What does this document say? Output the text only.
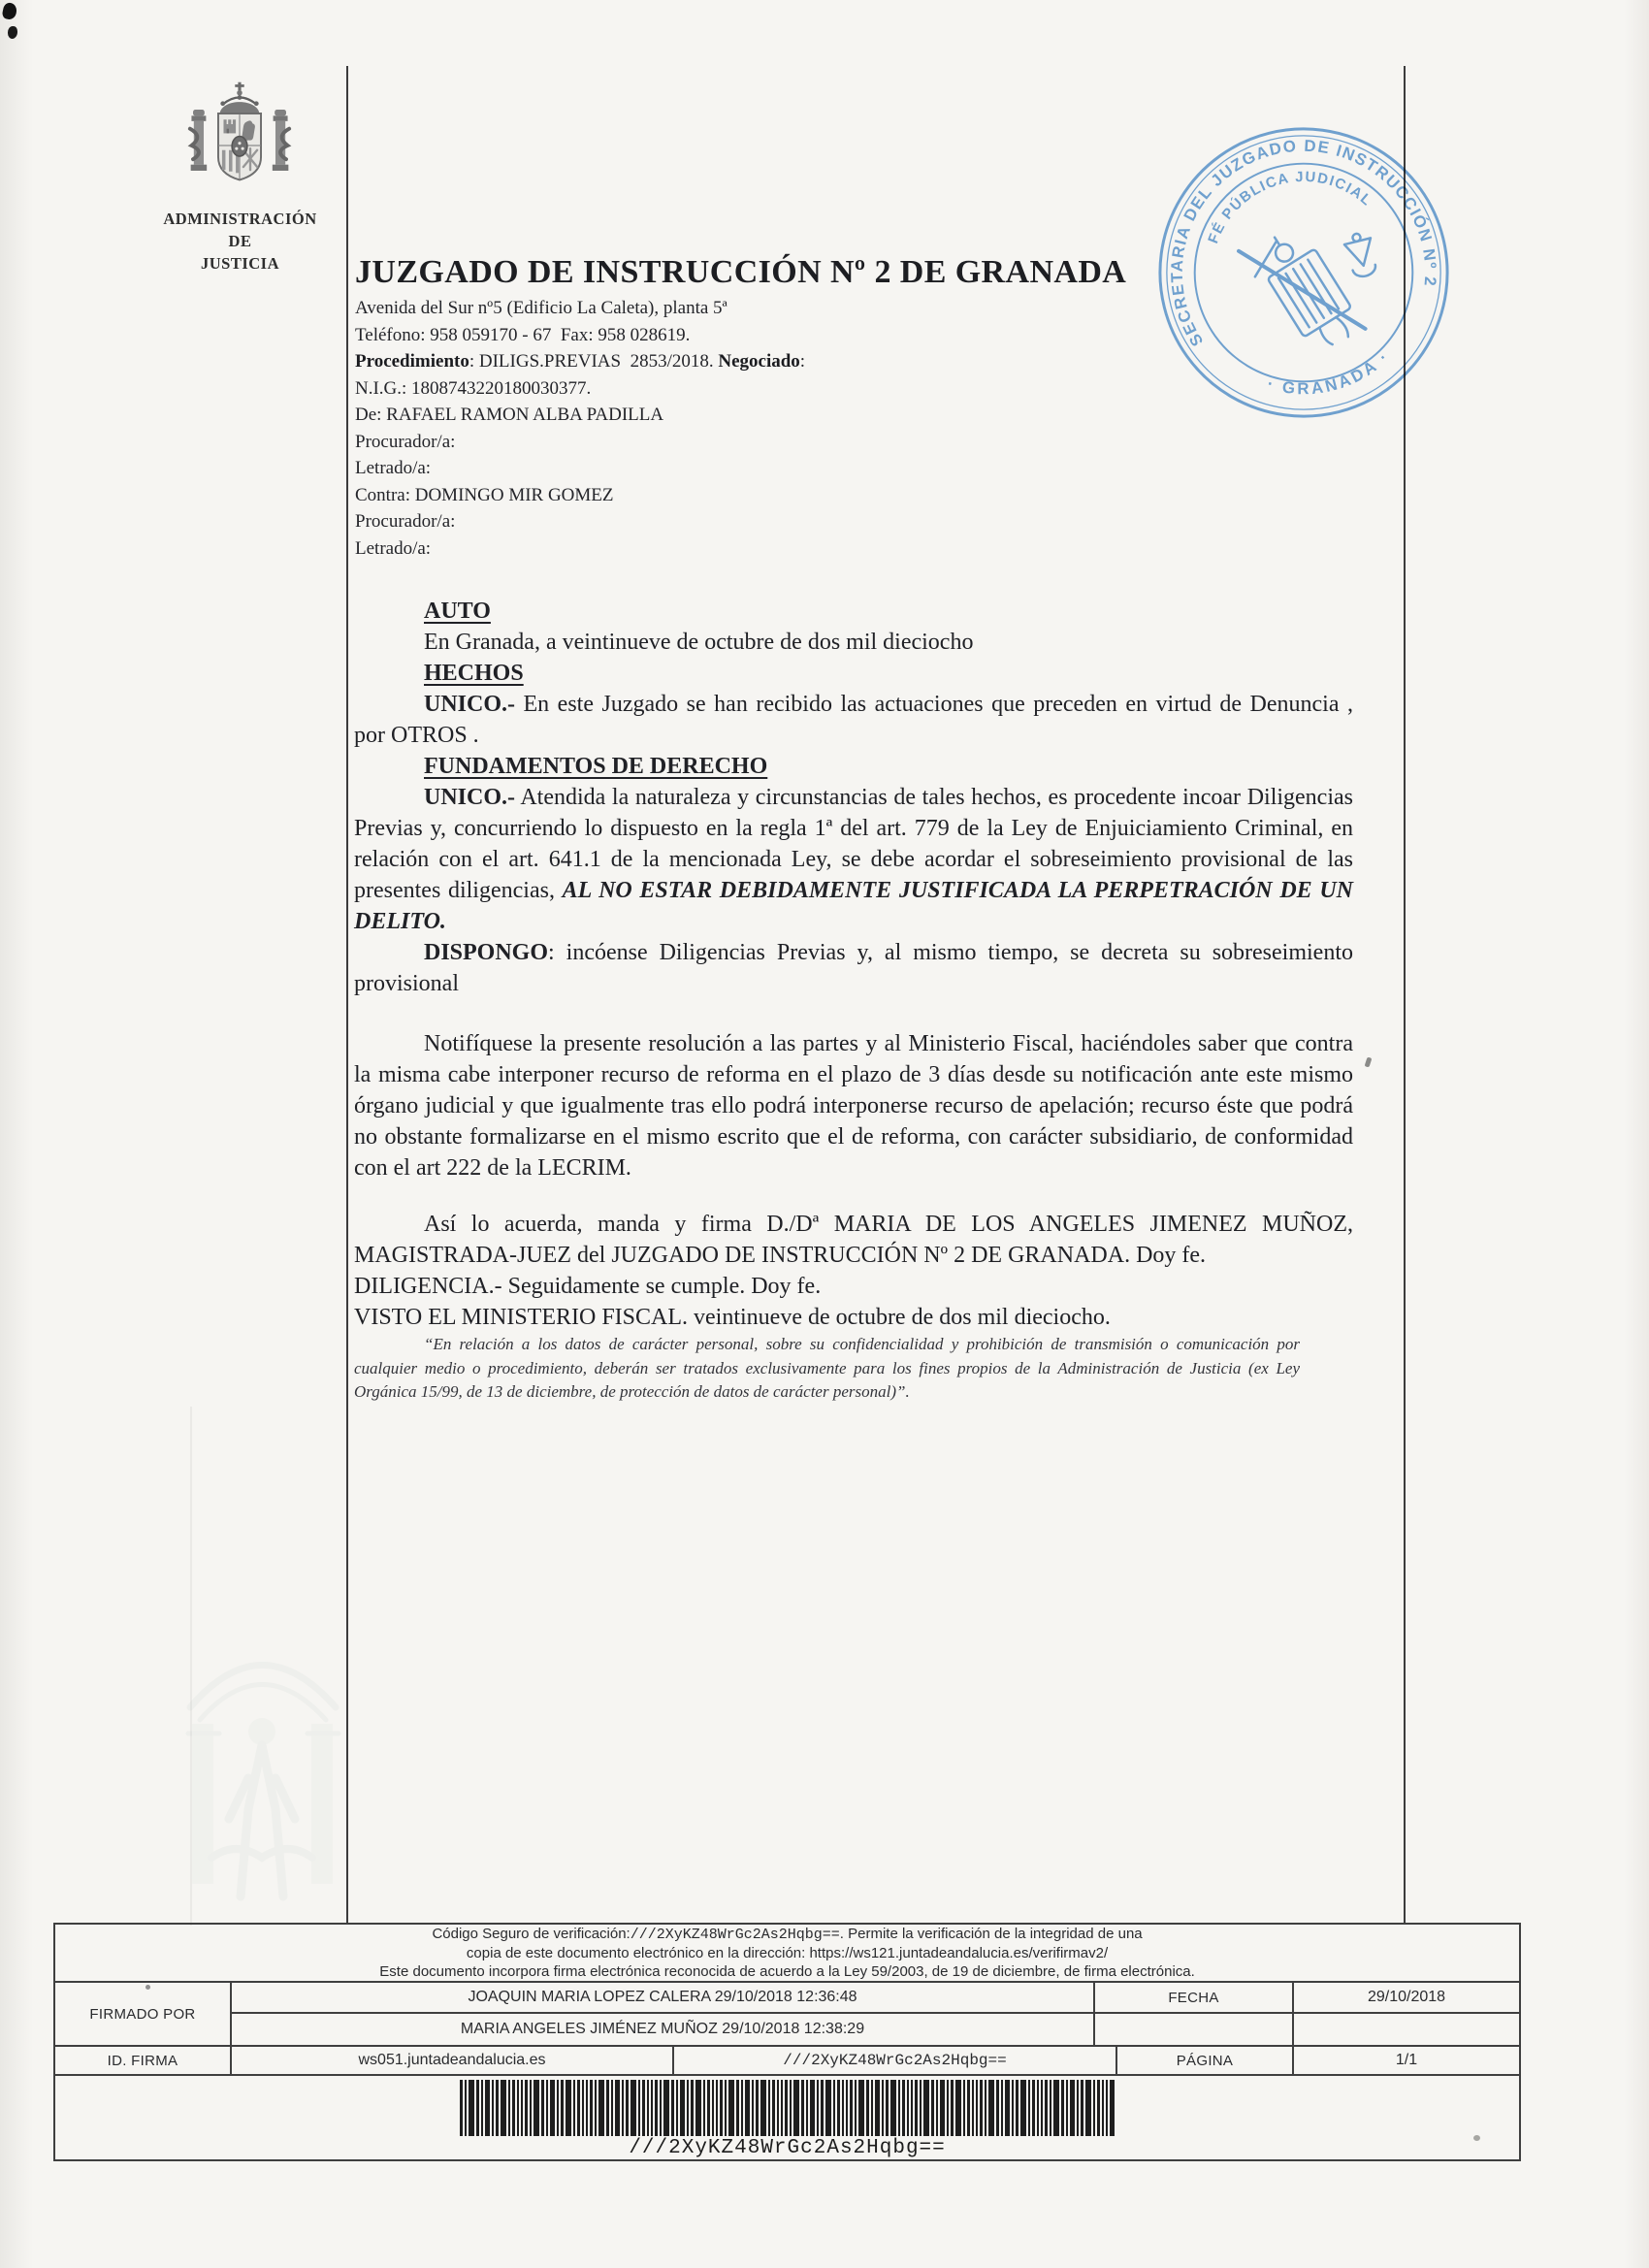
ADMINISTRACIÓN
DE
JUSTICIA	JUZGADO DE INSTRUCCIÓN Nº 2 DE GRANADA
Avenida del Sur nº5 (Edificio La Caleta), planta 5ª
Teléfono: 958 059170 - 67  Fax: 958 028619.
Procedimiento: DILIGS.PREVIAS  2853/2018. Negociado:
N.I.G.: 1808743220180030377.
De: RAFAEL RAMON ALBA PADILLA
Procurador/a:
Letrado/a:
Contra: DOMINGO MIR GOMEZ
Procurador/a:
Letrado/a:
SECRETARIA DEL JUZGADO DE INSTRUCCIÓN Nº 2
· GRANADA ·
FÉ PÚBLICA JUDICIAL

AUTO

En Granada, a veintinueve de octubre de dos mil dieciocho

HECHOS

UNICO.- En este Juzgado se han recibido las actuaciones que preceden en virtud de Denuncia , por OTROS .

FUNDAMENTOS DE DERECHO

UNICO.- Atendida la naturaleza y circunstancias de tales hechos, es procedente incoar Diligencias Previas y, concurriendo lo dispuesto en la regla 1ª del art. 779 de la Ley de Enjuiciamiento Criminal, en relación con el art. 641.1 de la mencionada Ley, se debe acordar el sobreseimiento provisional de las presentes diligencias, AL NO ESTAR DEBIDAMENTE JUSTIFICADA LA PERPETRACIÓN DE UN DELITO.

DISPONGO: incóense Diligencias Previas y, al mismo tiempo, se decreta su sobreseimiento provisional

Notifíquese la presente resolución a las partes y al Ministerio Fiscal, haciéndoles saber que contra la misma cabe interponer recurso de reforma en el plazo de 3 días desde su notificación ante este mismo órgano judicial y que igualmente tras ello podrá interponerse recurso de apelación; recurso éste que podrá no obstante formalizarse en el mismo escrito que el de reforma, con carácter subsidiario, de conformidad con el art 222 de la LECRIM.

Así lo acuerda, manda y firma D./Dª MARIA DE LOS ANGELES JIMENEZ MUÑOZ, MAGISTRADA-JUEZ del JUZGADO DE INSTRUCCIÓN Nº 2 DE GRANADA. Doy fe.

DILIGENCIA.- Seguidamente se cumple. Doy fe.

VISTO EL MINISTERIO FISCAL. veintinueve de octubre de dos mil dieciocho.

“En relación a los datos de carácter personal, sobre su confidencialidad y prohibición de transmisión o comunicación por cualquier medio o procedimiento, deberán ser tratados exclusivamente para los fines propios de la Administración de Justicia (ex Ley Orgánica 15/99, de 13 de diciembre, de protección de datos de carácter personal)”.

Código Seguro de verificación:///2XyKZ48WrGc2As2Hqbg==. Permite la verificación de la integridad de una
copia de este documento electrónico en la dirección: https://ws121.juntadeandalucia.es/verifirmav2/
Este documento incorpora firma electrónica reconocida de acuerdo a la Ley 59/2003, de 19 de diciembre, de firma electrónica.					

FIRMADO POR	JOAQUIN MARIA LOPEZ CALERA 29/10/2018 12:36:48		FECHA		29/10/2018
	MARIA ANGELES JIMÉNEZ MUÑOZ 29/10/2018 12:38:29				
ID. FIRMA	ws051.juntadeandalucia.es	///2XyKZ48WrGc2As2Hqbg==		PÁGINA	1/1

///2XyKZ48WrGc2As2Hqbg==					
